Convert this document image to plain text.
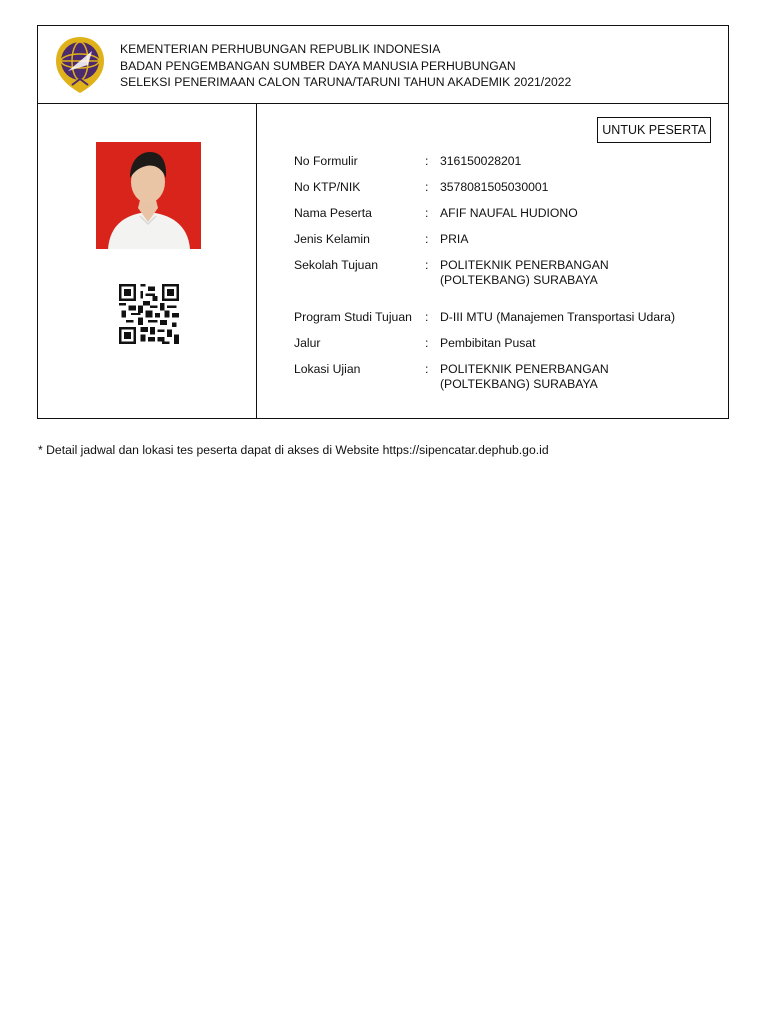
KEMENTERIAN PERHUBUNGAN REPUBLIK INDONESIA
BADAN PENGEMBANGAN SUMBER DAYA MANUSIA PERHUBUNGAN
SELEKSI PENERIMAAN CALON TARUNA/TARUNI TAHUN AKADEMIK 2021/2022
UNTUK PESERTA
No Formulir	: 316150028201
No KTP/NIK	: 3578081505030001
Nama Peserta	: AFIF NAUFAL HUDIONO
Jenis Kelamin	: PRIA
Sekolah Tujuan	: POLITEKNIK PENERBANGAN
(POLTEKBANG) SURABAYA
Program Studi Tujuan	: D-III MTU (Manajemen Transportasi Udara)
Jalur	: Pembibitan Pusat
Lokasi Ujian	: POLITEKNIK PENERBANGAN
(POLTEKBANG) SURABAYA
* Detail jadwal dan lokasi tes peserta dapat di akses di Website https://sipencatar.dephub.go.id
